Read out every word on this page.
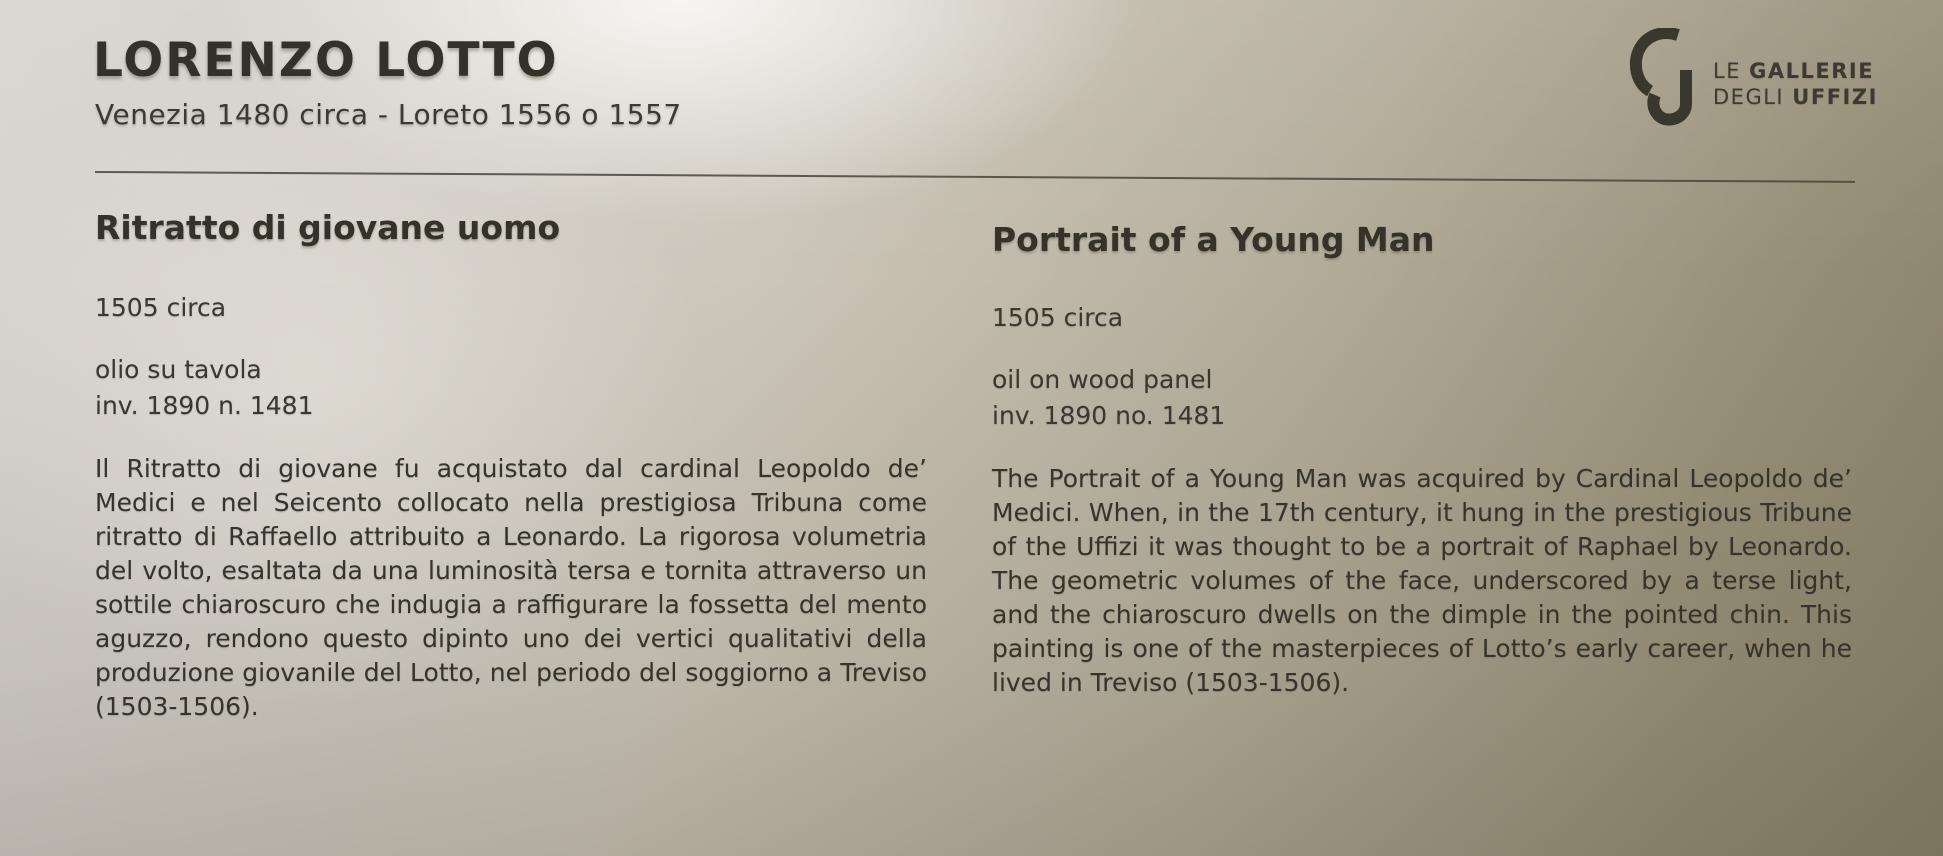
LORENZO LOTTO
Venezia 1480 circa - Loreto 1556 o 1557
LE GALLERIE
DEGLI UFFIZI
Ritratto di giovane uomo
1505 circa
olio su tavola
inv. 1890 n. 1481
Il Ritratto di giovane fu acquistato dal cardinal Leopoldo de’ Medici e nel Seicento collocato nella prestigiosa Tribuna come ritratto di Raffaello attribuito a Leonardo. La rigorosa volumetria del volto, esaltata da una luminosità tersa e tornita attraverso un sottile chiaroscuro che indugia a raffigurare la fossetta del mento aguzzo, rendono questo dipinto uno dei vertici qualitativi della produzione giovanile del Lotto, nel periodo del soggiorno a Treviso (1503-1506).
Portrait of a Young Man
1505 circa
oil on wood panel
inv. 1890 no. 1481
The Portrait of a Young Man was acquired by Cardinal Leopoldo de’ Medici. When, in the 17th century, it hung in the prestigious Tribune of the Uffizi it was thought to be a portrait of Raphael by Leonardo. The geometric volumes of the face, underscored by a terse light, and the chiaroscuro dwells on the dimple in the pointed chin. This painting is one of the masterpieces of Lotto’s early career, when he lived in Treviso (1503-1506).
